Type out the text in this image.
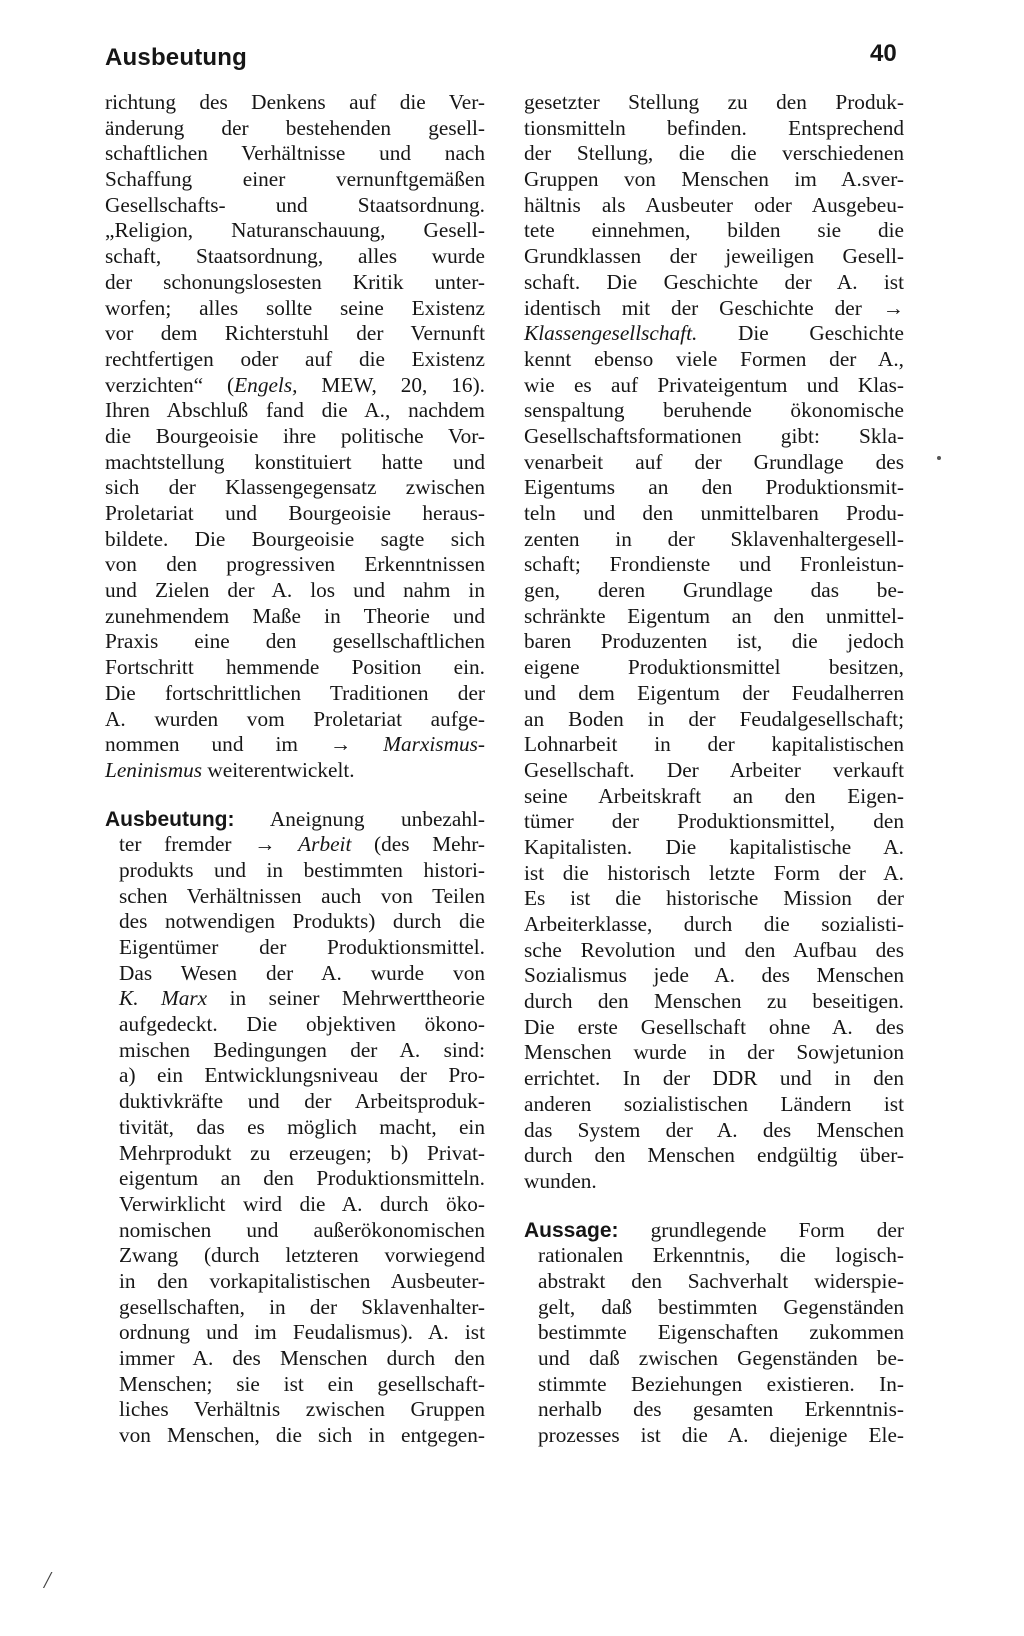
Ausbeutung	40
richtung des Denkens auf die Ver-
änderung der bestehenden gesell-
schaftlichen Verhältnisse und nach
Schaffung einer vernunftgemäßen
Gesellschafts- und Staatsordnung.
„Religion, Naturanschauung, Gesell-
schaft, Staatsordnung, alles wurde
der schonungslosesten Kritik unter-
worfen; alles sollte seine Existenz
vor dem Richterstuhl der Vernunft
rechtfertigen oder auf die Existenz
verzichten“ (Engels, MEW, 20, 16).
Ihren Abschluß fand die A., nachdem
die Bourgeoisie ihre politische Vor-
machtstellung konstituiert hatte und
sich der Klassengegensatz zwischen
Proletariat und Bourgeoisie heraus-
bildete. Die Bourgeoisie sagte sich
von den progressiven Erkenntnissen
und Zielen der A. los und nahm in
zunehmendem Maße in Theorie und
Praxis eine den gesellschaftlichen
Fortschritt hemmende Position ein.
Die fortschrittlichen Traditionen der
A. wurden vom Proletariat aufge-
nommen und im → Marxismus-
Leninismus weiterentwickelt.
Ausbeutung: Aneignung unbezahl-
ter fremder → Arbeit (des Mehr-
produkts und in bestimmten histori-
schen Verhältnissen auch von Teilen
des notwendigen Produkts) durch die
Eigentümer der Produktionsmittel.
Das Wesen der A. wurde von
K. Marx in seiner Mehrwerttheorie
aufgedeckt. Die objektiven ökono-
mischen Bedingungen der A. sind:
a) ein Entwicklungsniveau der Pro-
duktivkräfte und der Arbeitsproduk-
tivität, das es möglich macht, ein
Mehrprodukt zu erzeugen; b) Privat-
eigentum an den Produktionsmitteln.
Verwirklicht wird die A. durch öko-
nomischen und außerökonomischen
Zwang (durch letzteren vorwiegend
in den vorkapitalistischen Ausbeuter-
gesellschaften, in der Sklavenhalter-
ordnung und im Feudalismus). A. ist
immer A. des Menschen durch den
Menschen; sie ist ein gesellschaft-
liches Verhältnis zwischen Gruppen
von Menschen, die sich in entgegen-
gesetzter Stellung zu den Produk-
tionsmitteln befinden. Entsprechend
der Stellung, die die verschiedenen
Gruppen von Menschen im A.sver-
hältnis als Ausbeuter oder Ausgebeu-
tete einnehmen, bilden sie die
Grundklassen der jeweiligen Gesell-
schaft. Die Geschichte der A. ist
identisch mit der Geschichte der →
Klassengesellschaft. Die Geschichte
kennt ebenso viele Formen der A.,
wie es auf Privateigentum und Klas-
senspaltung beruhende ökonomische
Gesellschaftsformationen gibt: Skla-
venarbeit auf der Grundlage des
Eigentums an den Produktionsmit-
teln und den unmittelbaren Produ-
zenten in der Sklavenhaltergesell-
schaft; Frondienste und Fronleistun-
gen, deren Grundlage das be-
schränkte Eigentum an den unmittel-
baren Produzenten ist, die jedoch
eigene Produktionsmittel besitzen,
und dem Eigentum der Feudalherren
an Boden in der Feudalgesellschaft;
Lohnarbeit in der kapitalistischen
Gesellschaft. Der Arbeiter verkauft
seine Arbeitskraft an den Eigen-
tümer der Produktionsmittel, den
Kapitalisten. Die kapitalistische A.
ist die historisch letzte Form der A.
Es ist die historische Mission der
Arbeiterklasse, durch die sozialisti-
sche Revolution und den Aufbau des
Sozialismus jede A. des Menschen
durch den Menschen zu beseitigen.
Die erste Gesellschaft ohne A. des
Menschen wurde in der Sowjetunion
errichtet. In der DDR und in den
anderen sozialistischen Ländern ist
das System der A. des Menschen
durch den Menschen endgültig über-
wunden.
Aussage: grundlegende Form der
rationalen Erkenntnis, die logisch-
abstrakt den Sachverhalt widerspie-
gelt, daß bestimmten Gegenständen
bestimmte Eigenschaften zukommen
und daß zwischen Gegenständen be-
stimmte Beziehungen existieren. In-
nerhalb des gesamten Erkenntnis-
prozesses ist die A. diejenige Ele-
/
